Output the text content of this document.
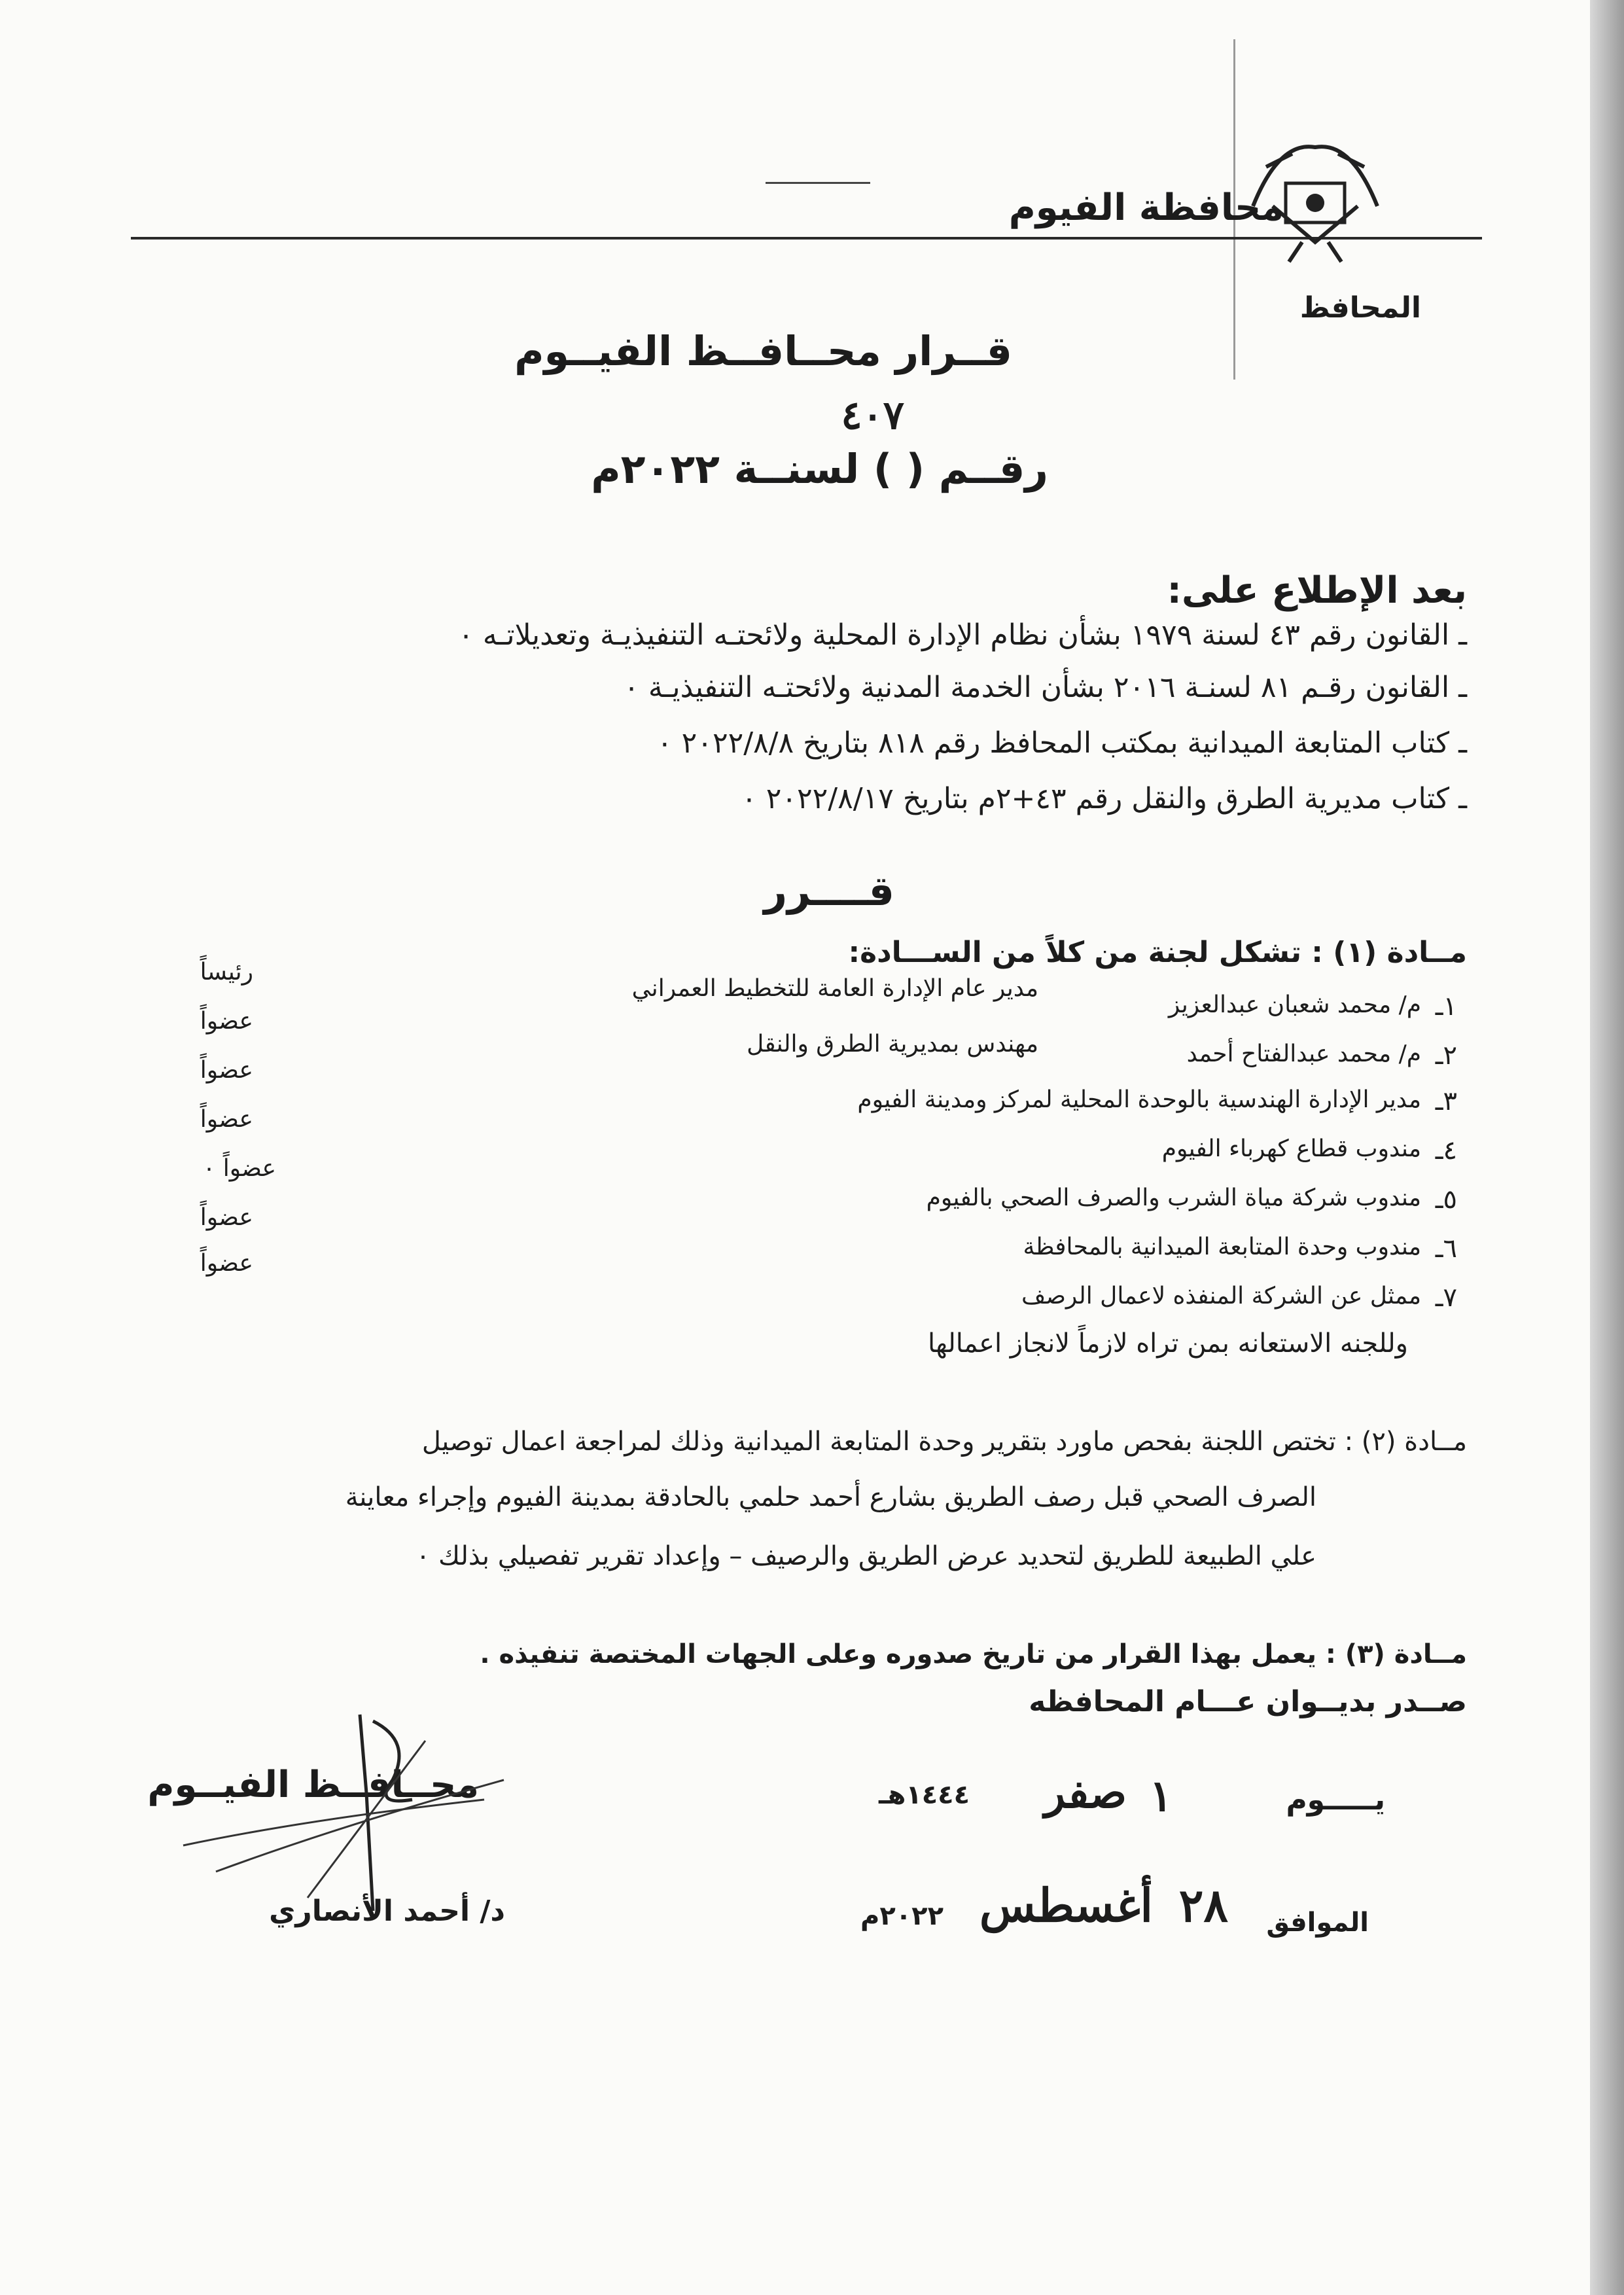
محافظة الفيوم
المحافظ
قــرار محــافــظ الفيــوم
٤٠٧
رقــم ( ) لسنــة ٢٠٢٢م
بعد الإطلاع على:
ـ القانون رقم ٤٣ لسنة ١٩٧٩ بشأن نظام الإدارة المحلية ولائحتـه التنفيذيـة وتعديلاتـه ٠
ـ القانون رقـم ٨١ لسنـة ٢٠١٦ بشأن الخدمة المدنية ولائحتـه التنفيذيـة ٠
ـ كتاب المتابعة الميدانية بمكتب المحافظ رقم ٨١٨ بتاريخ ٢٠٢٢/٨/٨ ٠
ـ كتاب مديرية الطرق والنقل رقم ٤٣+٢م بتاريخ ٢٠٢٢/٨/١٧ ٠
قــــرر
مــادة (١) : تشكل لجنة من كلاً من الســـادة:
١ـ
م/ محمد شعبان عبدالعزيز
مدير عام الإدارة العامة للتخطيط العمراني
رئيساً
٢ـ
م/ محمد عبدالفتاح أحمد
مهندس بمديرية الطرق والنقل
عضواً
٣ـ
مدير الإدارة الهندسية بالوحدة المحلية لمركز ومدينة الفيوم
عضواً
٤ـ
مندوب قطاع كهرباء الفيوم
عضواً
٥ـ
مندوب شركة مياة الشرب والصرف الصحي بالفيوم
عضواً ٠
٦ـ
مندوب وحدة المتابعة الميدانية بالمحافظة
عضواً
٧ـ
ممثل عن الشركة المنفذه لاعمال الرصف
عضواً
وللجنه الاستعانه بمن تراه لازماً لانجاز اعمالها
مــادة (٢) : تختص اللجنة بفحص ماورد بتقرير وحدة المتابعة الميدانية وذلك لمراجعة اعمال توصيل
الصرف الصحي قبل رصف الطريق بشارع أحمد حلمي بالحادقة بمدينة الفيوم وإجراء معاينة
علي الطبيعة للطريق لتحديد عرض الطريق والرصيف – وإعداد تقرير تفصيلي بذلك ٠
مــادة (٣) : يعمل بهذا القرار من تاريخ صدوره وعلى الجهات المختصة تنفيذه .
صــدر بديــوان عـــام المحافظه
يـــــوم
١
صفر
١٤٤٤هـ
الموافق
٢٨
أغسطس
٢٠٢٢م
محــافــظ الفيــوم
د/ أحمد الأنصاري
